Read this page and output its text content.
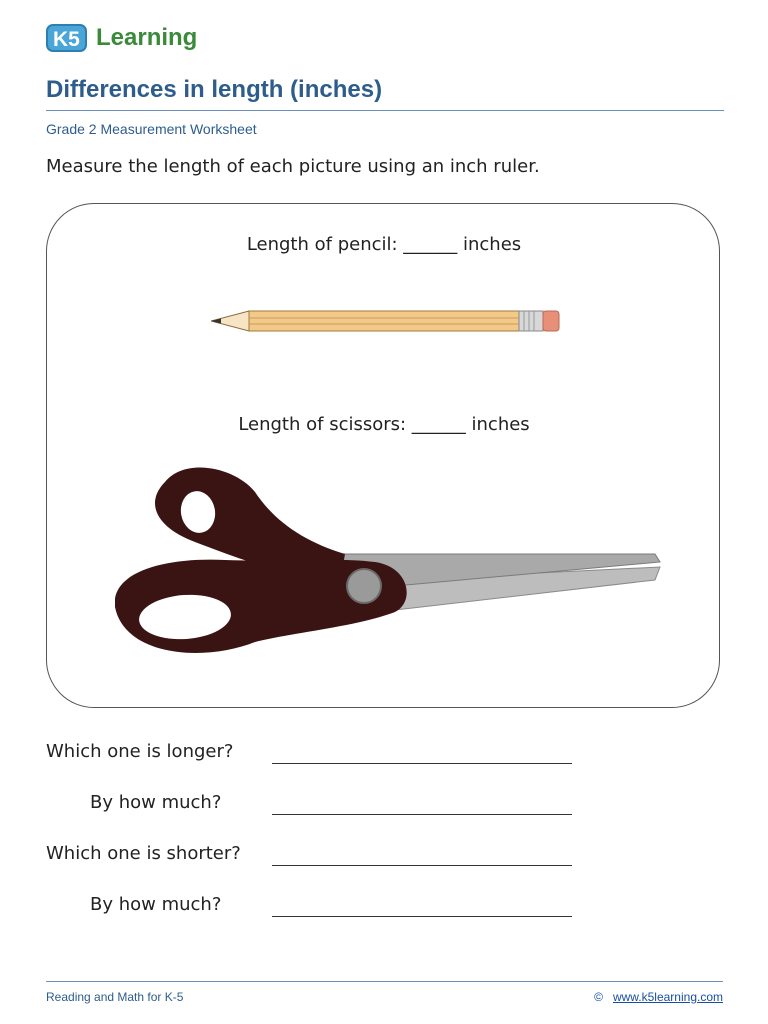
K5 Learning
Differences in length (inches)
Grade 2 Measurement Worksheet
Measure the length of each picture using an inch ruler.
Length of pencil: ______ inches
Length of scissors: ______ inches
Which one is longer?
By how much?
Which one is shorter?
By how much?
Reading and Math for K-5	© www.k5learning.com
